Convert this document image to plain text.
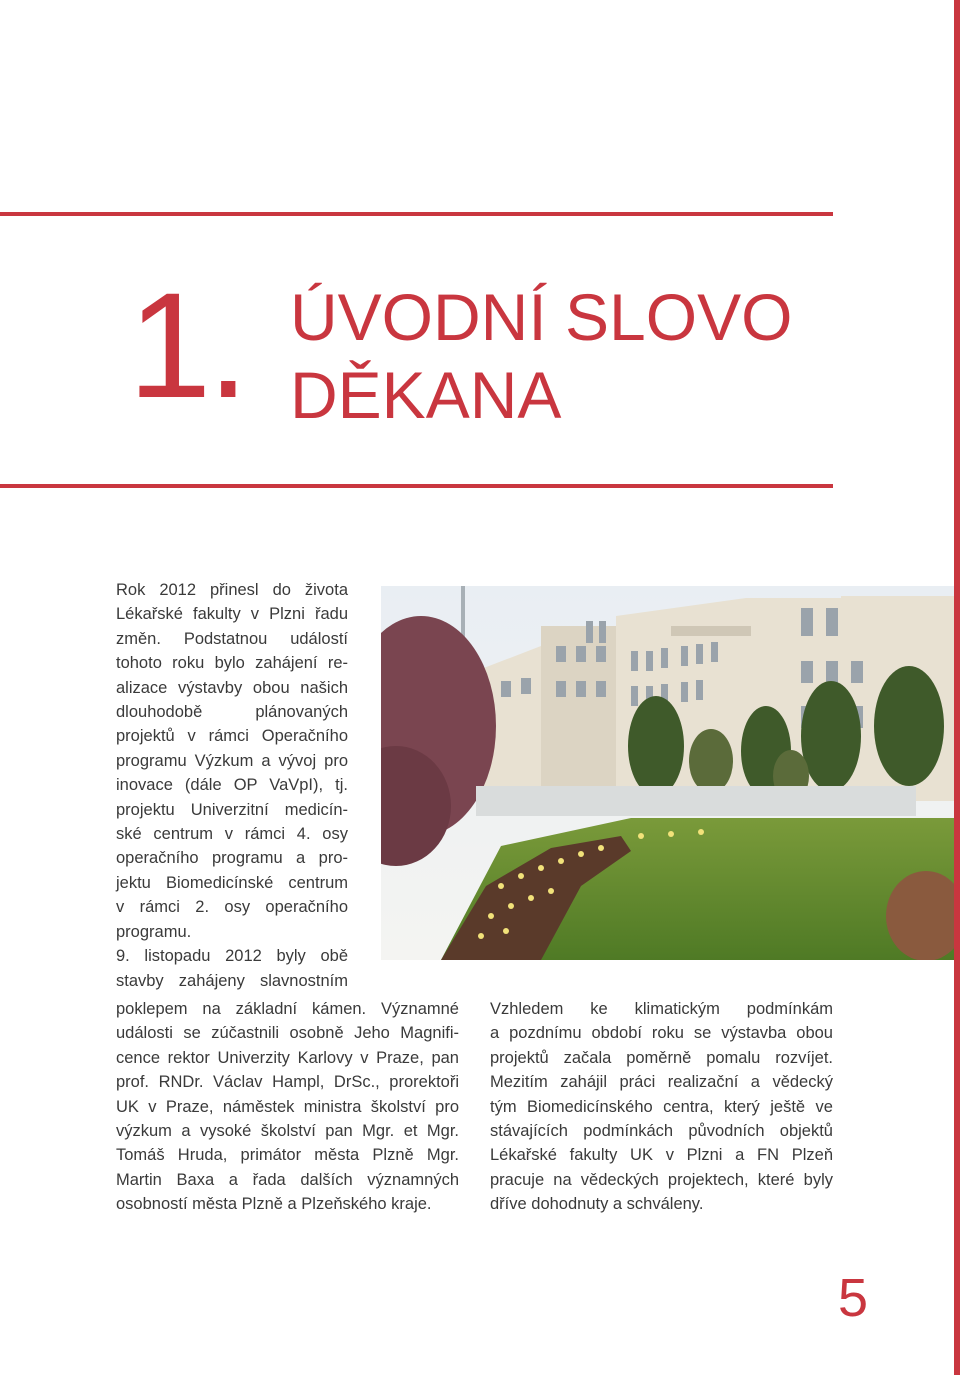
1. ÚVODNÍ SLOVO
DĚKANA
Rok 2012 přinesl do života
Lékařské fakulty v Plzni řadu
změn. Podstatnou událostí
tohoto roku bylo zahájení re-
alizace výstavby obou našich
dlouhodobě plánovaných
projektů v rámci Operačního
programu Výzkum a vývoj pro
inovace (dále OP VaVpI), tj.
projektu Univerzitní medicín-
ské centrum v rámci 4. osy
operačního programu a pro-
jektu Biomedicínské centrum
v rámci 2. osy operačního
programu.
9. listopadu 2012 byly obě
stavby zahájeny slavnostním
poklepem na základní kámen. Významné
události se zúčastnili osobně Jeho Magnifi-
cence rektor Univerzity Karlovy v Praze, pan
prof. RNDr. Václav Hampl, DrSc., prorektoři
UK v Praze, náměstek ministra školství pro
výzkum a vysoké školství pan Mgr. et Mgr.
Tomáš Hruda, primátor města Plzně Mgr.
Martin Baxa a řada dalších významných
osobností města Plzně a Plzeňského kraje.
Vzhledem ke klimatickým podmínkám
a pozdnímu období roku se výstavba obou
projektů začala poměrně pomalu rozvíjet.
Mezitím zahájil práci realizační a vědecký
tým Biomedicínského centra, který ještě ve
stávajících podmínkách původních objektů
Lékařské fakulty UK v Plzni a FN Plzeň
pracuje na vědeckých projektech, které byly
dříve dohodnuty a schváleny.
5
